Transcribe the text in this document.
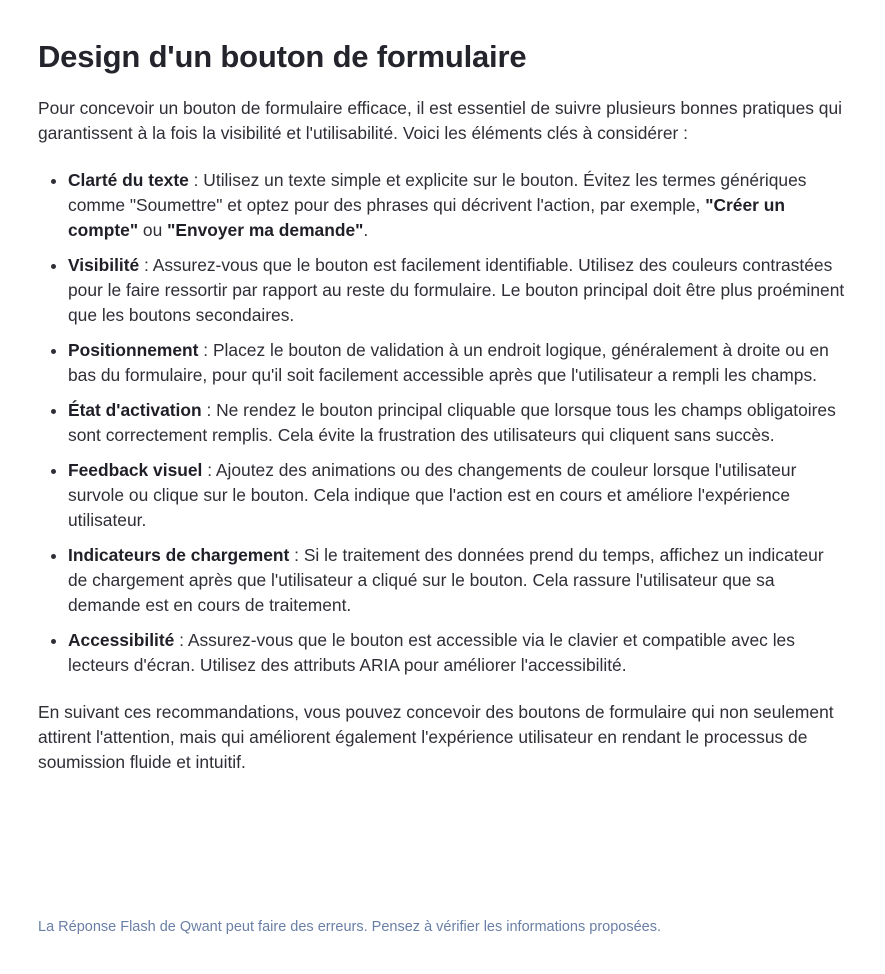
Design d'un bouton de formulaire

Pour concevoir un bouton de formulaire efficace, il est essentiel de suivre plusieurs bonnes pratiques qui garantissent à la fois la visibilité et l'utilisabilité. Voici les éléments clés à considérer :

• Clarté du texte : Utilisez un texte simple et explicite sur le bouton. Évitez les termes génériques comme "Soumettre" et optez pour des phrases qui décrivent l'action, par exemple, "Créer un compte" ou "Envoyer ma demande".
• Visibilité : Assurez-vous que le bouton est facilement identifiable. Utilisez des couleurs contrastées pour le faire ressortir par rapport au reste du formulaire. Le bouton principal doit être plus proéminent que les boutons secondaires.
• Positionnement : Placez le bouton de validation à un endroit logique, généralement à droite ou en bas du formulaire, pour qu'il soit facilement accessible après que l'utilisateur a rempli les champs.
• État d'activation : Ne rendez le bouton principal cliquable que lorsque tous les champs obligatoires sont correctement remplis. Cela évite la frustration des utilisateurs qui cliquent sans succès.
• Feedback visuel : Ajoutez des animations ou des changements de couleur lorsque l'utilisateur survole ou clique sur le bouton. Cela indique que l'action est en cours et améliore l'expérience utilisateur.
• Indicateurs de chargement : Si le traitement des données prend du temps, affichez un indicateur de chargement après que l'utilisateur a cliqué sur le bouton. Cela rassure l'utilisateur que sa demande est en cours de traitement.
• Accessibilité : Assurez-vous que le bouton est accessible via le clavier et compatible avec les lecteurs d'écran. Utilisez des attributs ARIA pour améliorer l'accessibilité.

En suivant ces recommandations, vous pouvez concevoir des boutons de formulaire qui non seulement attirent l'attention, mais qui améliorent également l'expérience utilisateur en rendant le processus de soumission fluide et intuitif.

La Réponse Flash de Qwant peut faire des erreurs. Pensez à vérifier les informations proposées.
